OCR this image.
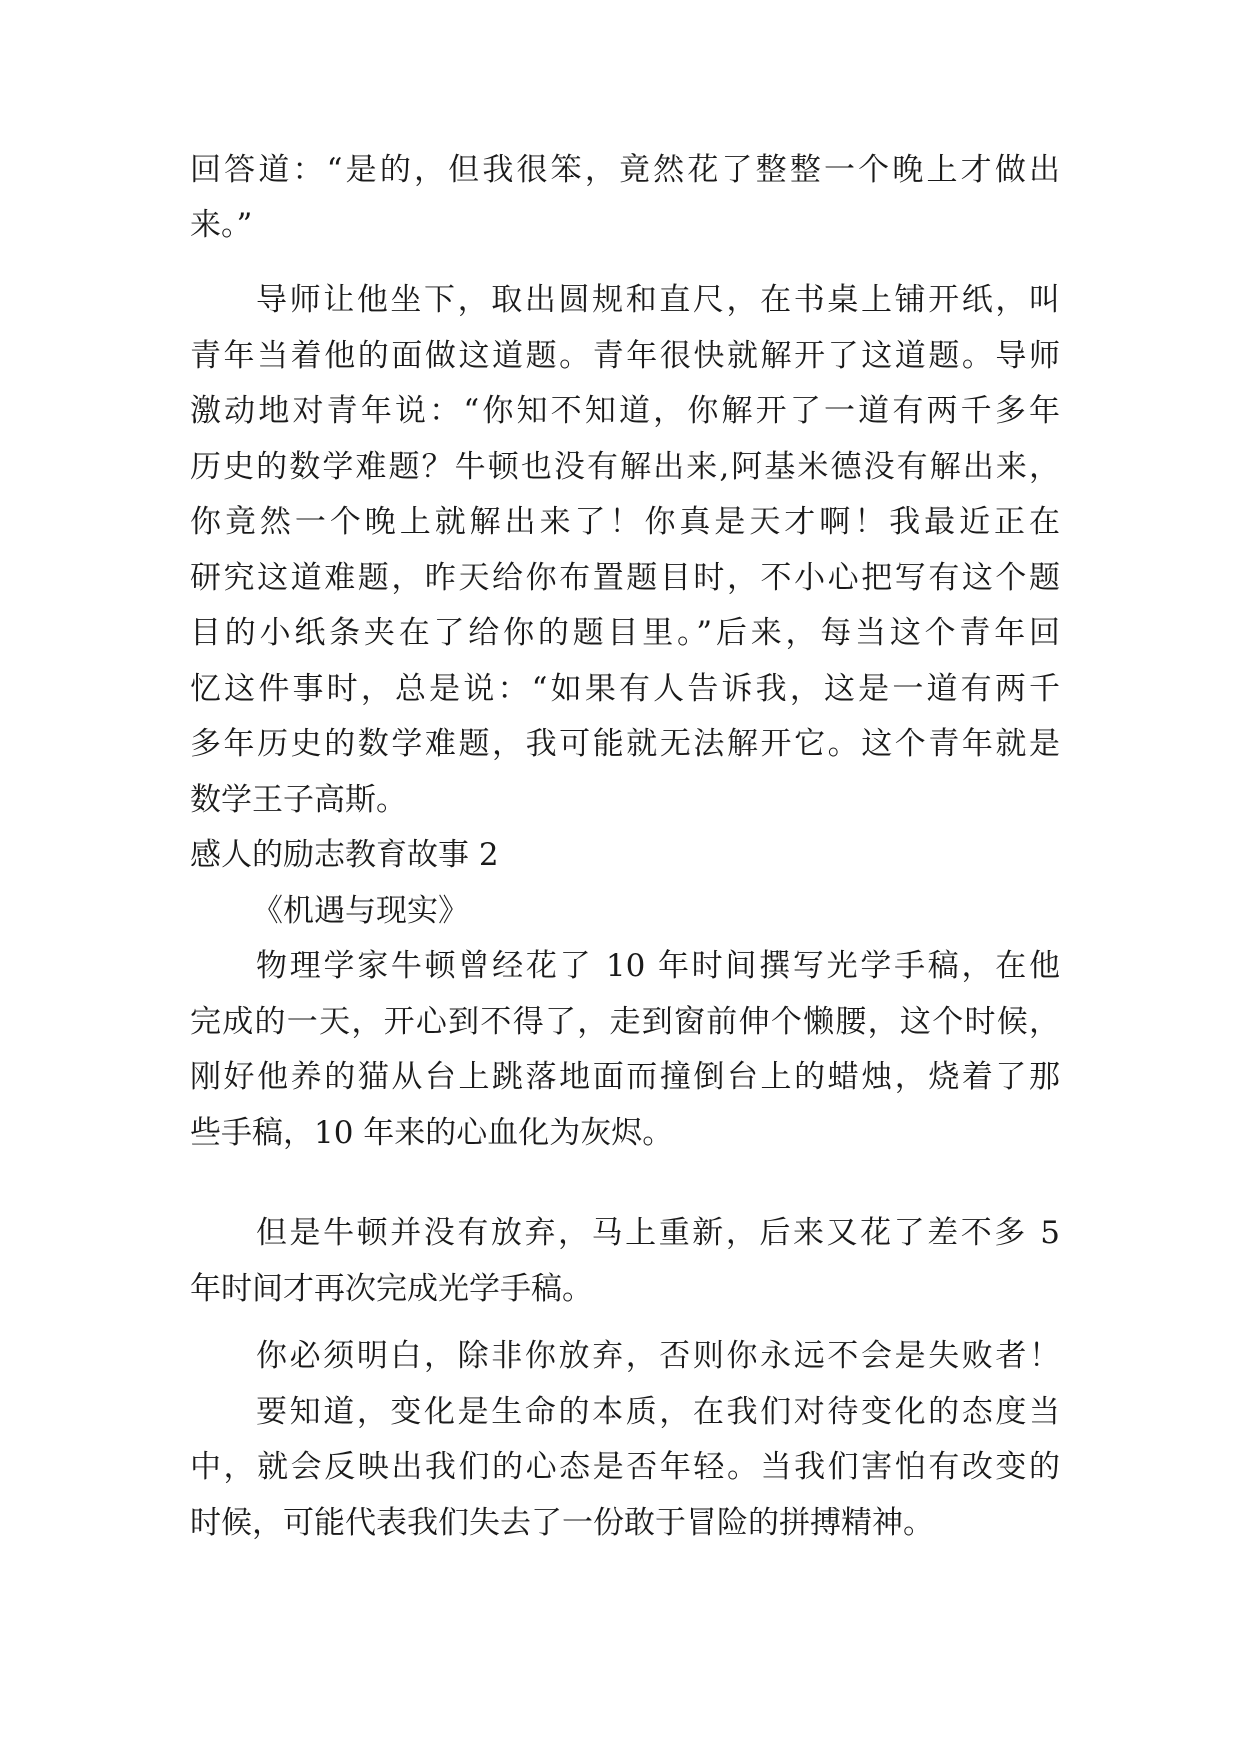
回答道：“是的，但我很笨，竟然花了整整一个晚上才做出
来。”
导师让他坐下，取出圆规和直尺，在书桌上铺开纸，叫
青年当着他的面做这道题。青年很快就解开了这道题。导师
激动地对青年说：“你知不知道，你解开了一道有两千多年
历史的数学难题？牛顿也没有解出来,阿基米德没有解出来，
你竟然一个晚上就解出来了！你真是天才啊！我最近正在
研究这道难题，昨天给你布置题目时，不小心把写有这个题
目的小纸条夹在了给你的题目里。”后来，每当这个青年回
忆这件事时，总是说：“如果有人告诉我，这是一道有两千
多年历史的数学难题，我可能就无法解开它。这个青年就是
数学王子高斯。
感人的励志教育故事 2
《机遇与现实》
物理学家牛顿曾经花了 10 年时间撰写光学手稿，在他
完成的一天，开心到不得了，走到窗前伸个懒腰，这个时候，
刚好他养的猫从台上跳落地面而撞倒台上的蜡烛，烧着了那
些手稿，10 年来的心血化为灰烬。
但是牛顿并没有放弃，马上重新，后来又花了差不多 5
年时间才再次完成光学手稿。
你必须明白，除非你放弃，否则你永远不会是失败者！
要知道，变化是生命的本质，在我们对待变化的态度当
中，就会反映出我们的心态是否年轻。当我们害怕有改变的
时候，可能代表我们失去了一份敢于冒险的拼搏精神。
